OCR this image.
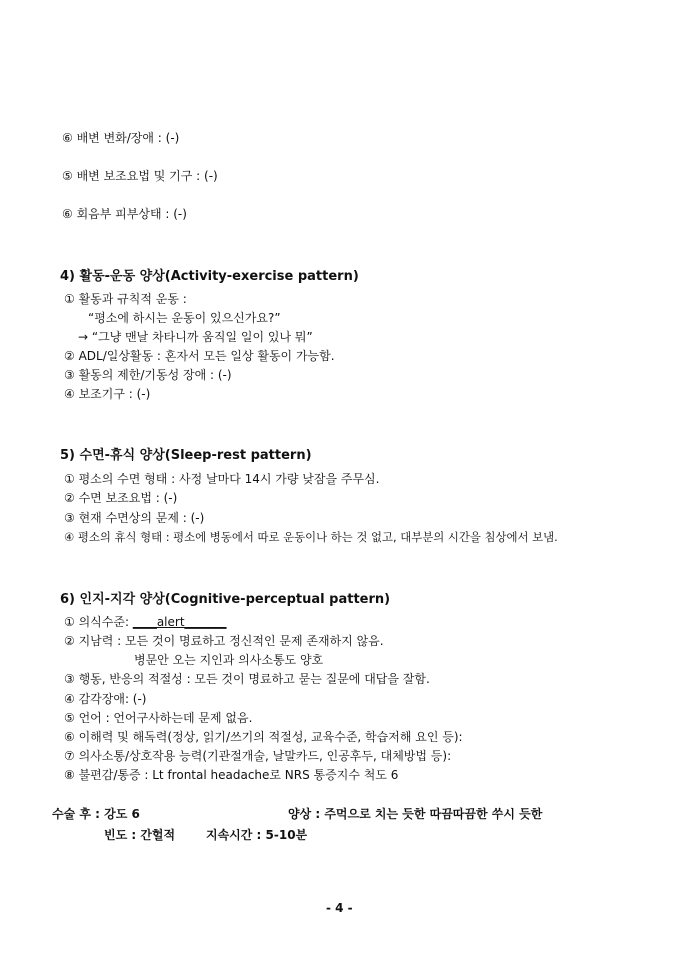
⑥ 배변 변화/장애 : (-)
⑤ 배변 보조요법 및 기구 : (-)
⑥ 회음부 피부상태 : (-)
4) 활동-운동 양상(Activity-exercise pattern)
① 활동과 규칙적 운동 :
“평소에 하시는 운동이 있으신가요?”
→ “그냥 맨날 차타니까 움직일 일이 있나 뭐”
② ADL/일상활동 : 혼자서 모든 일상 활동이 가능함.
③ 활동의 제한/기동성 장애 : (-)
④ 보조기구 : (-)
5) 수면-휴식 양상(Sleep-rest pattern)
① 평소의 수면 형태 : 사정 날마다 14시 가량 낮잠을 주무심.
② 수면 보조요법 : (-)
③ 현재 수면상의 문제 : (-)
④ 평소의 휴식 형태 : 평소에 병동에서 따로 운동이나 하는 것 없고, 대부분의 시간을 침상에서 보냄.
6) 인지-지각 양상(Cognitive-perceptual pattern)
① 의식수준: ____alert_______
② 지남력 : 모든 것이 명료하고 정신적인 문제 존재하지 않음.
병문안 오는 지인과 의사소통도 양호
③ 행동, 반응의 적절성 : 모든 것이 명료하고 묻는 질문에 대답을 잘함.
④ 감각장애: (-)
⑤ 언어 : 언어구사하는데 문제 없음.
⑥ 이해력 및 해독력(정상, 읽기/쓰기의 적절성, 교육수준, 학습저해 요인 등):
⑦ 의사소통/상호작용 능력(기관절개술, 날말카드, 인공후두, 대체방법 등):
⑧ 불편감/통증 : Lt frontal headache로 NRS 통증지수 척도 6
수술 후 : 강도 6	양상 : 주먹으로 치는 듯한 따끔따끔한 쑤시 듯한
빈도 : 간헐적	지속시간 : 5-10분
- 4 -
